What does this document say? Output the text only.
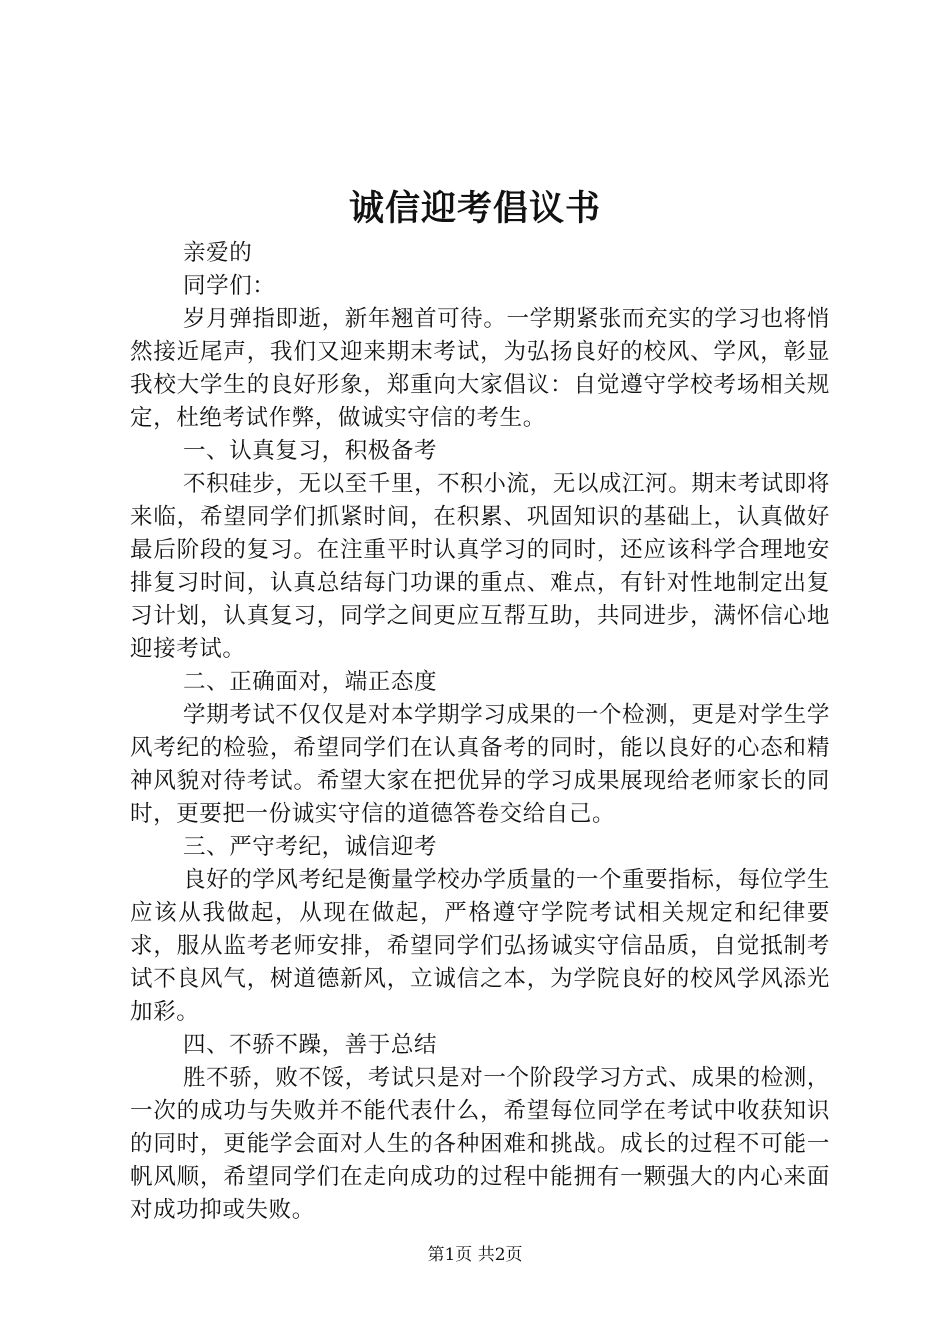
诚信迎考倡议书

亲爱的

同学们：

岁月弹指即逝，新年翘首可待。一学期紧张而充实的学习也将悄然接近尾声，我们又迎来期末考试，为弘扬良好的校风、学风，彰显我校大学生的良好形象，郑重向大家倡议：自觉遵守学校考场相关规定，杜绝考试作弊，做诚实守信的考生。

一、认真复习，积极备考

不积硅步，无以至千里，不积小流，无以成江河。期末考试即将来临，希望同学们抓紧时间，在积累、巩固知识的基础上，认真做好最后阶段的复习。在注重平时认真学习的同时，还应该科学合理地安排复习时间，认真总结每门功课的重点、难点，有针对性地制定出复习计划，认真复习，同学之间更应互帮互助，共同进步，满怀信心地迎接考试。

二、正确面对，端正态度

学期考试不仅仅是对本学期学习成果的一个检测，更是对学生学风考纪的检验，希望同学们在认真备考的同时，能以良好的心态和精神风貌对待考试。希望大家在把优异的学习成果展现给老师家长的同时，更要把一份诚实守信的道德答卷交给自己。

三、严守考纪，诚信迎考

良好的学风考纪是衡量学校办学质量的一个重要指标，每位学生应该从我做起，从现在做起，严格遵守学院考试相关规定和纪律要求，服从监考老师安排，希望同学们弘扬诚实守信品质，自觉抵制考试不良风气，树道德新风，立诚信之本，为学院良好的校风学风添光加彩。

四、不骄不躁，善于总结

胜不骄，败不馁，考试只是对一个阶段学习方式、成果的检测，一次的成功与失败并不能代表什么，希望每位同学在考试中收获知识的同时，更能学会面对人生的各种困难和挑战。成长的过程不可能一帆风顺，希望同学们在走向成功的过程中能拥有一颗强大的内心来面对成功抑或失败。

第1页 共2页
